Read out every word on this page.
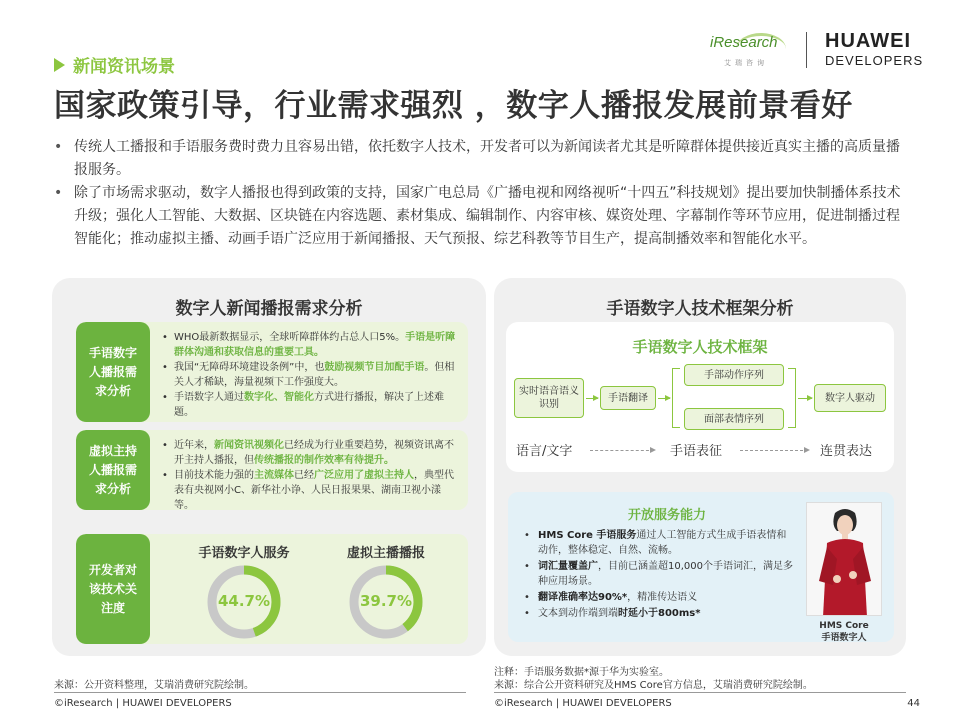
新闻资讯场景
国家政策引导，行业需求强烈 ，数字人播报发展前景看好
iResearch
艾瑞咨询
HUAWEI
DEVELOPERS
• 传统人工播报和手语服务费时费力且容易出错，依托数字人技术，开发者可以为新闻读者尤其是听障群体提供接近真实主播的高质量播报服务。
• 除了市场需求驱动，数字人播报也得到政策的支持，国家广电总局《广播电视和网络视听“十四五”科技规划》提出要加快制播体系技术升级；强化人工智能、大数据、区块链在内容选题、素材集成、编辑制作、内容审核、媒资处理、字幕制作等环节应用，促进制播过程智能化；推动虚拟主播、动画手语广泛应用于新闻播报、天气预报、综艺科教等节目生产，提高制播效率和智能化水平。
数字人新闻播报需求分析
手语数字人播报需求分析
• WHO最新数据显示，全球听障群体约占总人口5%。手语是听障群体沟通和获取信息的重要工具。
• 我国“无障碍环境建设条例”中，也鼓励视频节目加配手语。但相关人才稀缺，海量视频下工作强度大。
• 手语数字人通过数字化、智能化方式进行播报，解决了上述难题。
虚拟主持人播报需求分析
• 近年来，新闻资讯视频化已经成为行业重要趋势，视频资讯离不开主持人播报，但传统播报的制作效率有待提升。
• 目前技术能力强的主流媒体已经广泛应用了虚拟主持人，典型代表有央视网小C、新华社小诤、人民日报果果、湖南卫视小漾等。
开发者对该技术关注度
手语数字人服务	虚拟主播播报
44.7%	39.7%
手语数字人技术框架分析
手语数字人技术框架
实时语音语义识别
手语翻译
手部动作序列
面部表情序列
数字人驱动
语言/文字	手语表征	连贯表达
开放服务能力
• HMS Core 手语服务通过人工智能方式生成手语表情和动作，整体稳定、自然、流畅。
• 词汇量覆盖广，目前已涵盖超10,000个手语词汇，满足多种应用场景。
• 翻译准确率达90%*，精准传达语义
• 文本到动作端到端时延小于800ms*
HMS Core
手语数字人
注释：手语服务数据*源于华为实验室。
来源：综合公开资料研究及HMS Core官方信息，艾瑞消费研究院绘制。
来源：公开资料整理，艾瑞消费研究院绘制。
©iResearch | HUAWEI DEVELOPERS	©iResearch | HUAWEI DEVELOPERS	44
